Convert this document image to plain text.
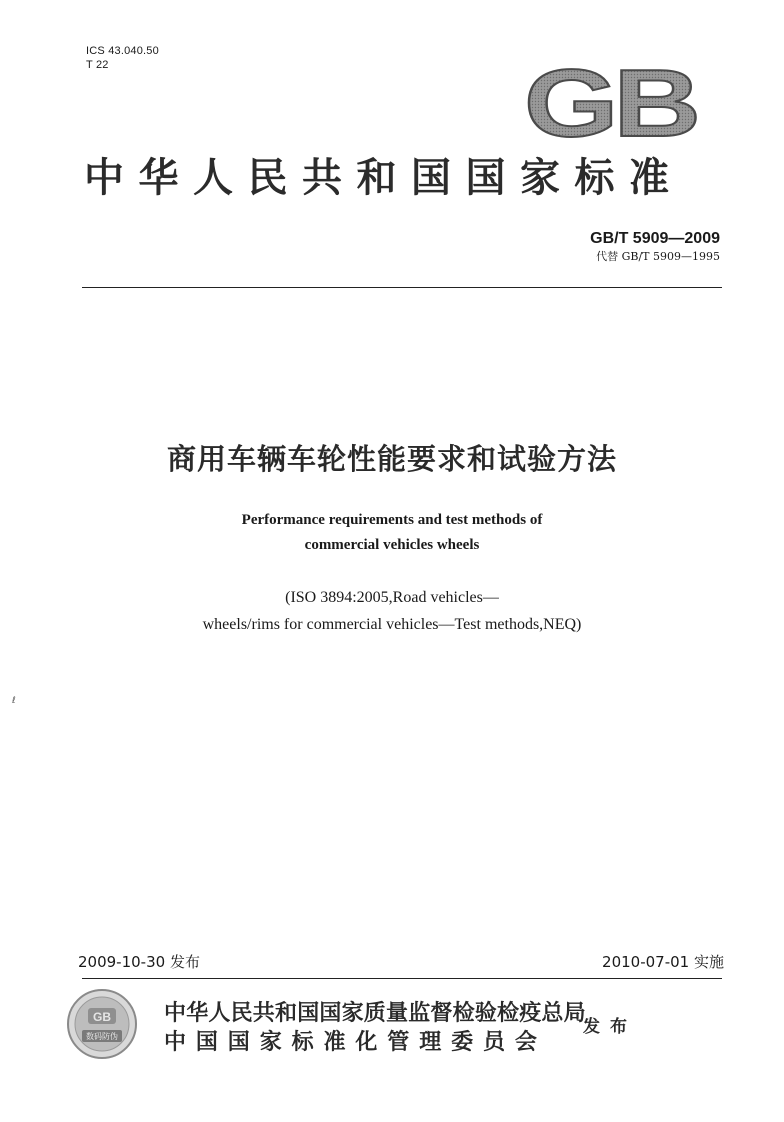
ICS 43.040.50
T 22	GB
中华人民共和国国家标准
GB/T 5909—2009
代替 GB/T 5909—1995
商用车辆车轮性能要求和试验方法
Performance requirements and test methods of
commercial vehicles wheels
(ISO 3894:2005,Road vehicles—
wheels/rims for commercial vehicles—Test methods,NEQ)
ℓ
2009-10-30 发布	2010-07-01 实施
GB
数码防伪
中华人民共和国国家质量监督检验检疫总局
中国国家标准化管理委员会
发布
